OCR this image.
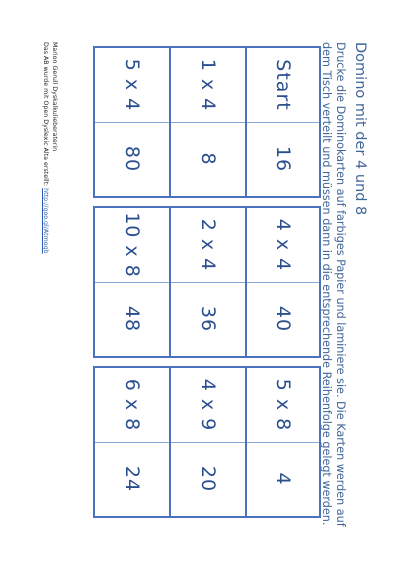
Domino mit der 4 und 8
Drucke die Dominokarten auf farbiges Papier und laminiere sie. Die Karten werden auf
dem Tisch verteilt und müssen dann in die entsprechende Reihenfolge gelegt werden.
Start
16
1 x 4
8
5 x 4
80
4 x 4
40
2 x 4
36
10 x 8
48
5 x 8
4
4 x 9
20
6 x 8
24
Marion Gerull Dyskalkulieberaterin
Das AB wurde mit Open Dyslexic Alta erstellt: http://goo.gl/Atmoqb
